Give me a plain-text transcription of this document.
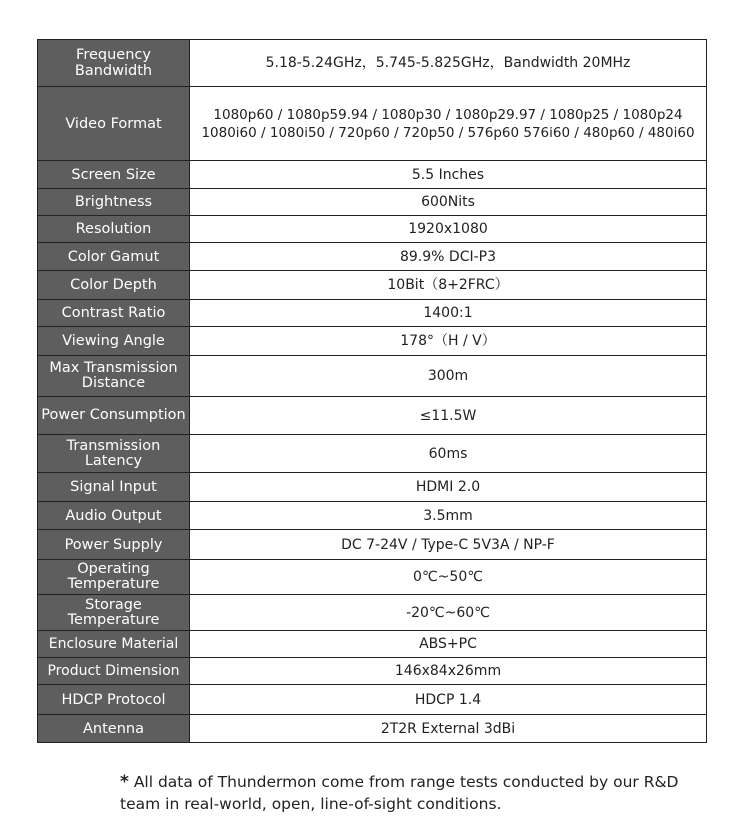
Frequency Bandwidth	5.18-5.24GHz，5.745-5.825GHz，Bandwidth 20MHz
Video Format	1080p60 / 1080p59.94 / 1080p30 / 1080p29.97 / 1080p25 / 1080p24 1080i60 / 1080i50 / 720p60 / 720p50 / 576p60 576i60 / 480p60 / 480i60
Screen Size	5.5 Inches
Brightness	600Nits
Resolution	1920x1080
Color Gamut	89.9% DCI-P3
Color Depth	10Bit（8+2FRC）
Contrast Ratio	1400:1
Viewing Angle	178°（H / V）
Max Transmission Distance	300m
Power Consumption	≤11.5W
Transmission Latency	60ms
Signal Input	HDMI 2.0
Audio Output	3.5mm
Power Supply	DC 7-24V / Type-C 5V3A / NP-F
Operating Temperature	0℃~50℃
Storage Temperature	-20℃~60℃
Enclosure Material	ABS+PC
Product Dimension	146x84x26mm
HDCP Protocol	HDCP 1.4
Antenna	2T2R External 3dBi

* All data of Thundermon come from range tests conducted by our R&D team in real-world, open, line-of-sight conditions.
